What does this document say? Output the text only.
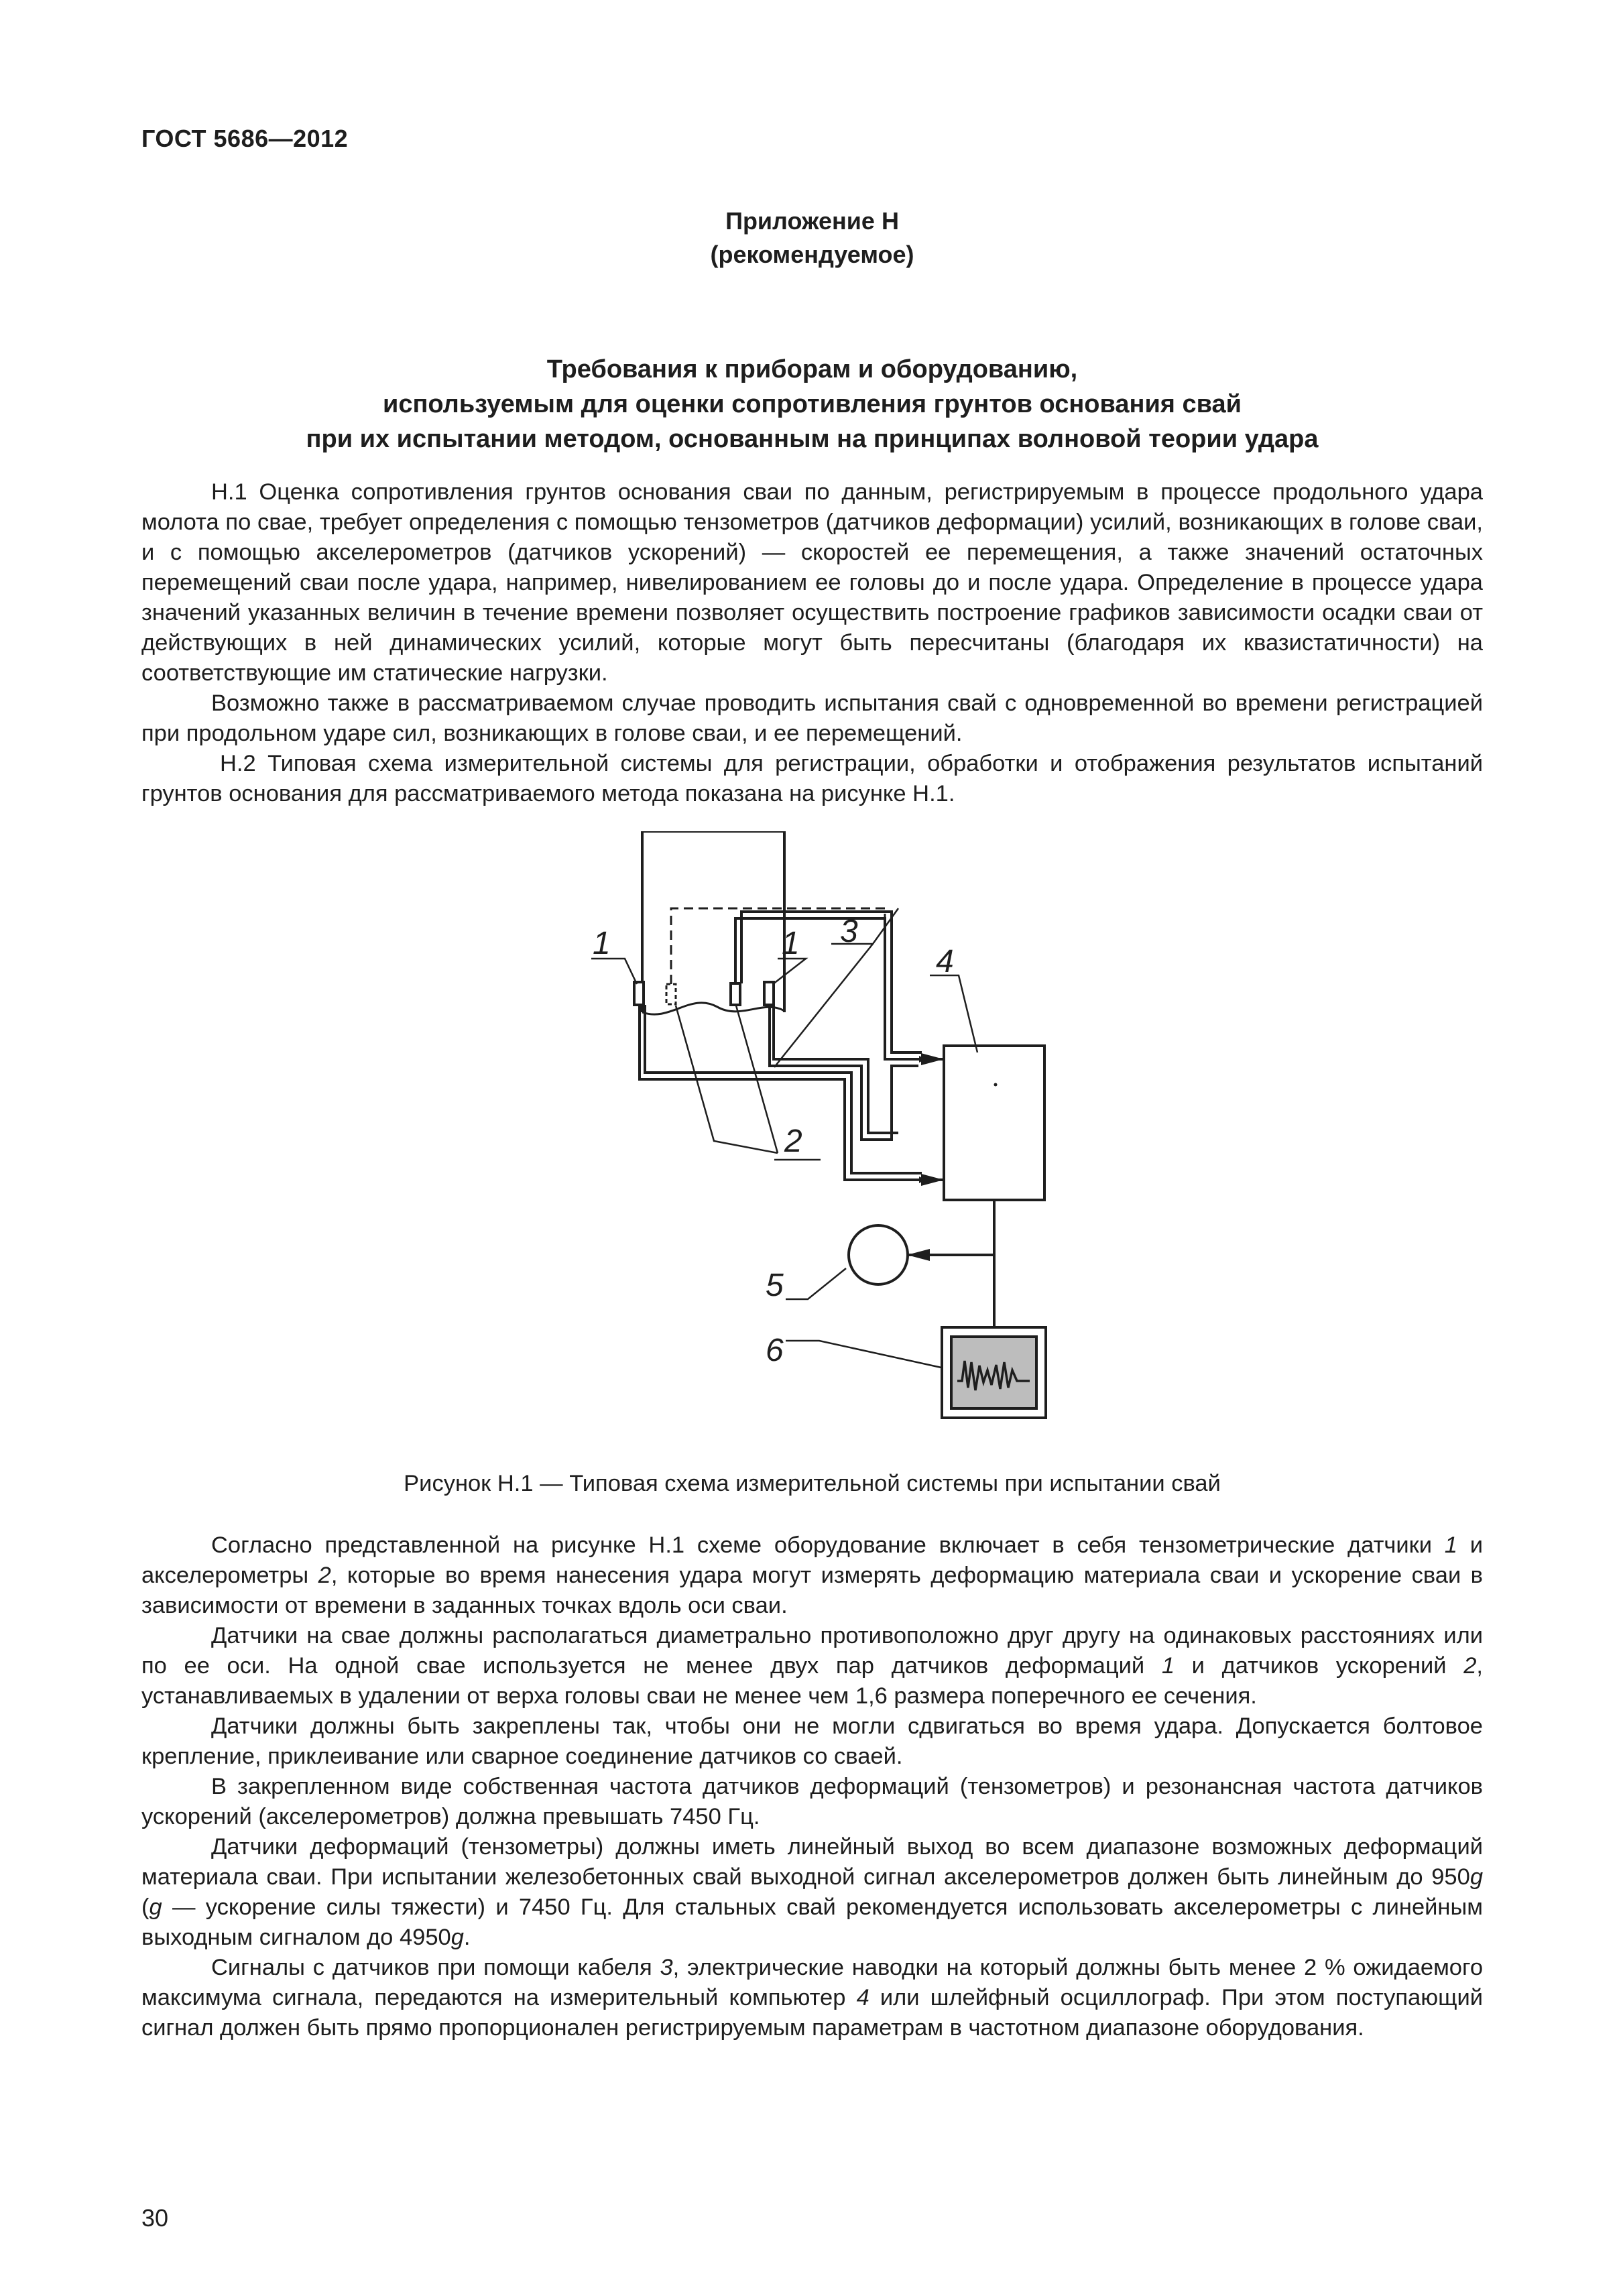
ГОСТ 5686—2012
Приложение Н
(рекомендуемое)
Требования к приборам и оборудованию,
используемым для оценки сопротивления грунтов основания свай
при их испытании методом, основанным на принципах волновой теории удара

Н.1 Оценка сопротивления грунтов основания сваи по данным, регистрируемым в процессе продольного удара молота по свае, требует определения с помощью тензометров (датчиков деформации) усилий, возникающих в голове сваи, и с помощью акселерометров (датчиков ускорений) — скоростей ее перемещения, а также значений остаточных перемещений сваи после удара, например, нивелированием ее головы до и после удара. Определение в процессе удара значений указанных величин в течение времени позволяет осуществить построение графиков зависимости осадки сваи от действующих в ней динамических усилий, которые могут быть пересчитаны (благодаря их квазистатичности) на соответствующие им статические нагрузки.

Возможно также в рассматриваемом случае проводить испытания свай с одновременной во времени регистрацией при продольном ударе сил, возникающих в голове сваи, и ее перемещений.

Н.2 Типовая схема измерительной системы для регистрации, обработки и отображения результатов испытаний грунтов основания для рассматриваемого метода показана на рисунке Н.1.

1	1 3
4
2
5
6
Рисунок Н.1 — Типовая схема измерительной системы при испытании свай

Согласно представленной на рисунке Н.1 схеме оборудование включает в себя тензометрические датчики 1 и акселерометры 2, которые во время нанесения удара могут измерять деформацию материала сваи и ускорение сваи в зависимости от времени в заданных точках вдоль оси сваи.

Датчики на свае должны располагаться диаметрально противоположно друг другу на одинаковых расстояниях или по ее оси. На одной свае используется не менее двух пар датчиков деформаций 1 и датчиков ускорений 2, устанавливаемых в удалении от верха головы сваи не менее чем 1,6 размера поперечного ее сечения.

Датчики должны быть закреплены так, чтобы они не могли сдвигаться во время удара. Допускается болтовое крепление, приклеивание или сварное соединение датчиков со сваей.

В закрепленном виде собственная частота датчиков деформаций (тензометров) и резонансная частота датчиков ускорений (акселерометров) должна превышать 7450 Гц.

Датчики деформаций (тензометры) должны иметь линейный выход во всем диапазоне возможных деформаций материала сваи. При испытании железобетонных свай выходной сигнал акселерометров должен быть линейным до 950g (g — ускорение силы тяжести) и 7450 Гц. Для стальных свай рекомендуется использовать акселерометры с линейным выходным сигналом до 4950g.

Сигналы с датчиков при помощи кабеля 3, электрические наводки на который должны быть менее 2 % ожидаемого максимума сигнала, передаются на измерительный компьютер 4 или шлейфный осциллограф. При этом поступающий сигнал должен быть прямо пропорционален регистрируемым параметрам в частотном диапазоне оборудования.

30
